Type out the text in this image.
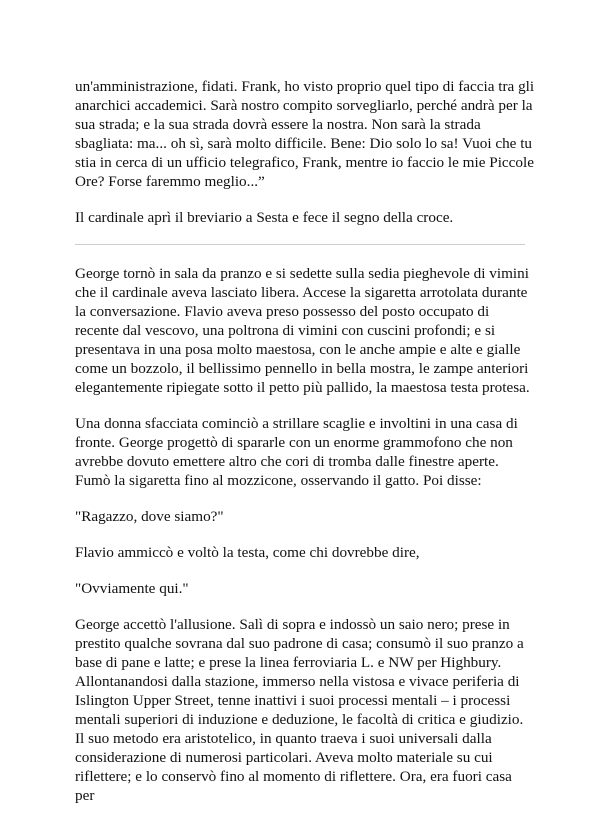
un'amministrazione, fidati. Frank, ho visto proprio quel tipo di faccia tra gli anarchici accademici. Sarà nostro compito sorvegliarlo, perché andrà per la sua strada; e la sua strada dovrà essere la nostra. Non sarà la strada sbagliata: ma... oh sì, sarà molto difficile. Bene: Dio solo lo sa! Vuoi che tu stia in cerca di un ufficio telegrafico, Frank, mentre io faccio le mie Piccole Ore? Forse faremmo meglio...”

Il cardinale aprì il breviario a Sesta e fece il segno della croce.

George tornò in sala da pranzo e si sedette sulla sedia pieghevole di vimini che il cardinale aveva lasciato libera. Accese la sigaretta arrotolata durante la conversazione. Flavio aveva preso possesso del posto occupato di recente dal vescovo, una poltrona di vimini con cuscini profondi; e si presentava in una posa molto maestosa, con le anche ampie e alte e gialle come un bozzolo, il bellissimo pennello in bella mostra, le zampe anteriori elegantemente ripiegate sotto il petto più pallido, la maestosa testa protesa.

Una donna sfacciata cominciò a strillare scaglie e involtini in una casa di fronte. George progettò di spararle con un enorme grammofono che non avrebbe dovuto emettere altro che cori di tromba dalle finestre aperte. Fumò la sigaretta fino al mozzicone, osservando il gatto. Poi disse:

"Ragazzo, dove siamo?"

Flavio ammiccò e voltò la testa, come chi dovrebbe dire,

"Ovviamente qui."

George accettò l'allusione. Salì di sopra e indossò un saio nero; prese in prestito qualche sovrana dal suo padrone di casa; consumò il suo pranzo a base di pane e latte; e prese la linea ferroviaria L. e NW per Highbury. Allontanandosi dalla stazione, immerso nella vistosa e vivace periferia di Islington Upper Street, tenne inattivi i suoi processi mentali – i processi mentali superiori di induzione e deduzione, le facoltà di critica e giudizio. Il suo metodo era aristotelico, in quanto traeva i suoi universali dalla considerazione di numerosi particolari. Aveva molto materiale su cui riflettere; e lo conservò fino al momento di riflettere. Ora, era fuori casa per
